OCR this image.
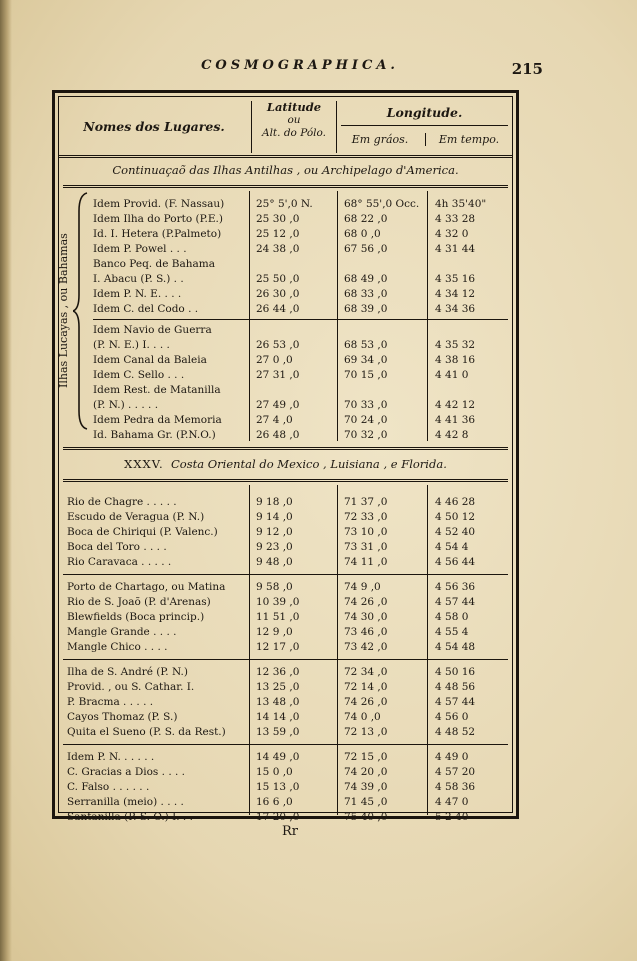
COSMOGRAPHICA.	215
Nomes dos Lugares.
Latitude
ou
Alt. do Pólo.
Longitude.
Em gráos.	Em tempo.
Continuaçaõ das Ilhas Antilhas , ou Archipelago d'America.
Ilhas Lucayas , ou Bahamas
Idem Provid. (F. Nassau)	25° 5',0 N.	68° 55',0 Occ.	4h 35'40"
Idem Ilha do Porto (P.E.)	25 30 ,0	68 22 ,0	4 33 28
Id. I. Hetera (P.Palmeto)	25 12 ,0	68 0 ,0	4 32 0
Idem P. Powel . . .	24 38 ,0	67 56 ,0	4 31 44
Banco Peq. de Bahama
I. Abacu (P. S.) . .	25 50 ,0	68 49 ,0	4 35 16
Idem P. N. E. . . .	26 30 ,0	68 33 ,0	4 34 12
Idem C. del Codo . .	26 44 ,0	68 39 ,0	4 34 36
Idem Navio de Guerra
(P. N. E.) I. . . .	26 53 ,0	68 53 ,0	4 35 32
Idem Canal da Baleia	27 0 ,0	69 34 ,0	4 38 16
Idem C. Sello . . .	27 31 ,0	70 15 ,0	4 41 0
Idem Rest. de Matanilla
(P. N.) . . . . .	27 49 ,0	70 33 ,0	4 42 12
Idem Pedra da Memoria	27 4 ,0	70 24 ,0	4 41 36
Id. Bahama Gr. (P.N.O.)	26 48 ,0	70 32 ,0	4 42 8
XXXV. Costa Oriental do Mexico , Luisiana , e Florida.
Rio de Chagre . . . . .	9 18 ,0	71 37 ,0	4 46 28
Escudo de Veragua (P. N.)	9 14 ,0	72 33 ,0	4 50 12
Boca de Chiriqui (P. Valenc.)	9 12 ,0	73 10 ,0	4 52 40
Boca del Toro . . . .	9 23 ,0	73 31 ,0	4 54 4
Rio Caravaca . . . . .	9 48 ,0	74 11 ,0	4 56 44
Porto de Chartago, ou Matina	9 58 ,0	74 9 ,0	4 56 36
Rio de S. Joaõ (P. d'Arenas)	10 39 ,0	74 26 ,0	4 57 44
Blewfields (Boca princip.)	11 51 ,0	74 30 ,0	4 58 0
Mangle Grande . . . .	12 9 ,0	73 46 ,0	4 55 4
Mangle Chico . . . .	12 17 ,0	73 42 ,0	4 54 48
Ilha de S. André (P. N.)	12 36 ,0	72 34 ,0	4 50 16
Provid. , ou S. Cathar. I.	13 25 ,0	72 14 ,0	4 48 56
P. Bracma . . . . .	13 48 ,0	74 26 ,0	4 57 44
Cayos Thomaz (P. S.)	14 14 ,0	74 0 ,0	4 56 0
Quita el Sueno (P. S. da Rest.)	13 59 ,0	72 13 ,0	4 48 52
Idem P. N. . . . . .	14 49 ,0	72 15 ,0	4 49 0
C. Gracias a Dios . . . .	15 0 ,0	74 20 ,0	4 57 20
C. Falso . . . . . .	15 13 ,0	74 39 ,0	4 58 36
Serranilla (meio) . . . .	16 6 ,0	71 45 ,0	4 47 0
Santanilla (P. S. O.) I. . .	17 20 ,0	75 40 ,0	5 2 40
Rr
